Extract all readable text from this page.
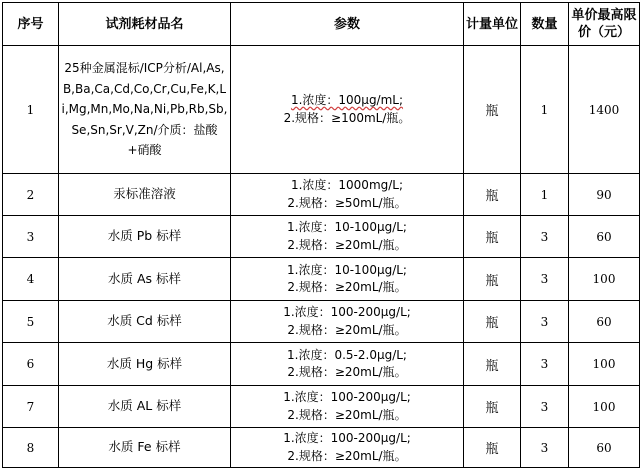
序号	试剂耗材品名	参数	计量单位	数量	单价最高限价（元）
1	25种金属混标/ICP分析/Al,As,B,Ba,Ca,Cd,Co,Cr,Cu,Fe,K,Li,Mg,Mn,Mo,Na,Ni,Pb,Rb,Sb,Se,Sn,Sr,V,Zn/介质：盐酸+硝酸	1.浓度：100μg/mL;
2.规格：≥100mL/瓶。	瓶	1	1400
2	汞标准溶液	1.浓度：1000mg/L;
2.规格：≥50mL/瓶。	瓶	1	90
3	水质 Pb 标样	1.浓度：10-100μg/L;
2.规格：≥20mL/瓶。	瓶	3	60
4	水质 As 标样	1.浓度：10-100μg/L;
2.规格：≥20mL/瓶。	瓶	3	100
5	水质 Cd 标样	1.浓度：100-200μg/L;
2.规格：≥20mL/瓶。	瓶	3	60
6	水质 Hg 标样	1.浓度：0.5-2.0μg/L;
2.规格：≥20mL/瓶。	瓶	3	100
7	水质 AL 标样	1.浓度：100-200μg/L;
2.规格：≥20mL/瓶。	瓶	3	100
8	水质 Fe 标样	1.浓度：100-200μg/L;
2.规格：≥20mL/瓶。	瓶	3	60
